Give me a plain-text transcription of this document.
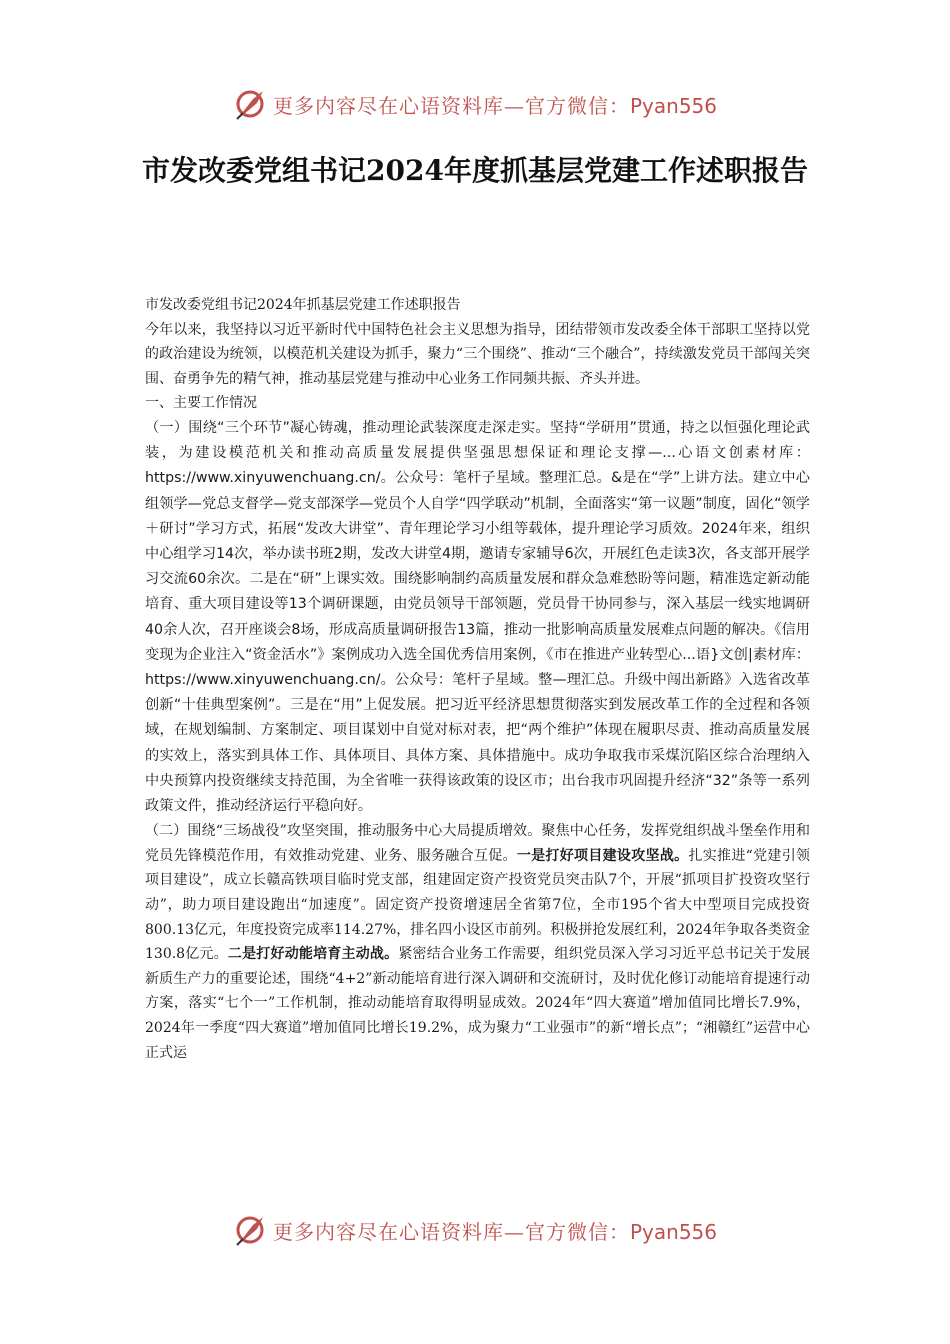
更多内容尽在心语资料库—官方微信：Pyan556
市发改委党组书记2024年度抓基层党建工作述职报告

市发改委党组书记2024年抓基层党建工作述职报告

今年以来，我坚持以习近平新时代中国特色社会主义思想为指导，团结带领市发改委全体干部职工坚持以党的政治建设为统领，以模范机关建设为抓手，聚力“三个围绕”、推动“三个融合”，持续激发党员干部闯关突围、奋勇争先的精气神，推动基层党建与推动中心业务工作同频共振、齐头并进。

一、主要工作情况

（一）围绕“三个环节”凝心铸魂，推动理论武装深度走深走实。坚持“学研用”贯通，持之以恒强化理论武装，为建设模范机关和推动高质量发展提供坚强思想保证和理论支撑—...心语文创素材库：https://www.xinyuwenchuang.cn/。公众号：笔杆子星域。整理汇总。&是在“学”上讲方法。建立中心组领学—党总支督学—党支部深学—党员个人自学“四学联动”机制，全面落实“第一议题”制度，固化“领学＋研讨”学习方式，拓展“发改大讲堂”、青年理论学习小组等载体，提升理论学习质效。2024年来，组织中心组学习14次，举办读书班2期，发改大讲堂4期，邀请专家辅导6次，开展红色走读3次，各支部开展学习交流60余次。二是在“研”上课实效。围绕影响制约高质量发展和群众急难愁盼等问题，精准选定新动能培育、重大项目建设等13个调研课题，由党员领导干部领题，党员骨干协同参与，深入基层一线实地调研40余人次，召开座谈会8场，形成高质量调研报告13篇，推动一批影响高质量发展难点问题的解决。《信用变现为企业注入“资金活水”》案例成功入选全国优秀信用案例，《市在推进产业转型心...语}文创|素材库：https://www.xinyuwenchuang.cn/。公众号：笔杆子星域。整—理汇总。升级中闯出新路》入选省改革创新“十佳典型案例”。三是在“用”上促发展。把习近平经济思想贯彻落实到发展改革工作的全过程和各领域，在规划编制、方案制定、项目谋划中自觉对标对表，把“两个维护”体现在履职尽责、推动高质量发展的实效上，落实到具体工作、具体项目、具体方案、具体措施中。成功争取我市采煤沉陷区综合治理纳入中央预算内投资继续支持范围，为全省唯一获得该政策的设区市；出台我市巩固提升经济“32”条等一系列政策文件，推动经济运行平稳向好。

（二）围绕“三场战役”攻坚突围，推动服务中心大局提质增效。聚焦中心任务，发挥党组织战斗堡垒作用和党员先锋模范作用，有效推动党建、业务、服务融合互促。一是打好项目建设攻坚战。扎实推进“党建引领项目建设”，成立长赣高铁项目临时党支部，组建固定资产投资党员突击队7个，开展“抓项目扩投资攻坚行动”，助力项目建设跑出“加速度”。固定资产投资增速居全省第7位，全市195个省大中型项目完成投资800.13亿元，年度投资完成率114.27%，排名四小设区市前列。积极拼抢发展红利，2024年争取各类资金130.8亿元。二是打好动能培育主动战。紧密结合业务工作需要，组织党员深入学习习近平总书记关于发展新质生产力的重要论述，围绕“4+2”新动能培育进行深入调研和交流研讨，及时优化修订动能培育提速行动方案，落实“七个一”工作机制，推动动能培育取得明显成效。2024年“四大赛道”增加值同比增长7.9%，2024年一季度“四大赛道”增加值同比增长19.2%，成为聚力“工业强市”的新“增长点”；“湘赣红”运营中心正式运

更多内容尽在心语资料库—官方微信：Pyan556
